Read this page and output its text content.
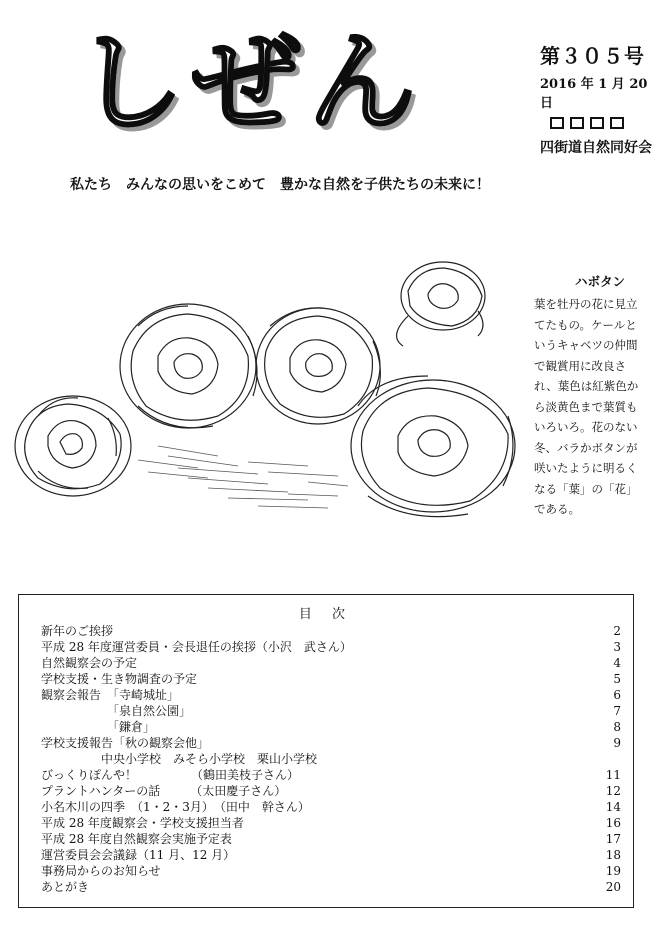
しぜん	第３０５号
2016 年 1 月 20 日
四街道自然同好会
私たち　みんなの思いをこめて　豊かな自然を子供たちの未来に！
ハボタン
葉を牡丹の花に見立
てたもの。ケールと
いうキャベツの仲間
で観賞用に改良さ
れ、葉色は紅紫色か
ら淡黄色まで葉質も
いろいろ。花のない
冬、バラかボタンが
咲いたように明るく
なる「葉」の「花」
である。
目 次
新年のご挨拶	2
平成 28 年度運営委員・会長退任の挨拶（小沢　武さん）	3
自然観察会の予定	4
学校支援・生き物調査の予定	5
観察会報告　「寺崎城址」	6
　　　　　　「泉自然公園」	7
　　　　　　「鎌倉」	8
学校支援報告「秋の観察会他」	9
　　　　　中央小学校　みそら小学校　栗山小学校
びっくりぽんや！　　　　　（鶴田美枝子さん）	11
プラントハンターの話　　　（太田慶子さん）	12
小名木川の四季　（1・2・3月）　（田中　幹さん）	14
平成 28 年度観察会・学校支援担当者	16
平成 28 年度自然観察会実施予定表	17
運営委員会会議録（11 月、12 月）	18
事務局からのお知らせ	19
あとがき	20
